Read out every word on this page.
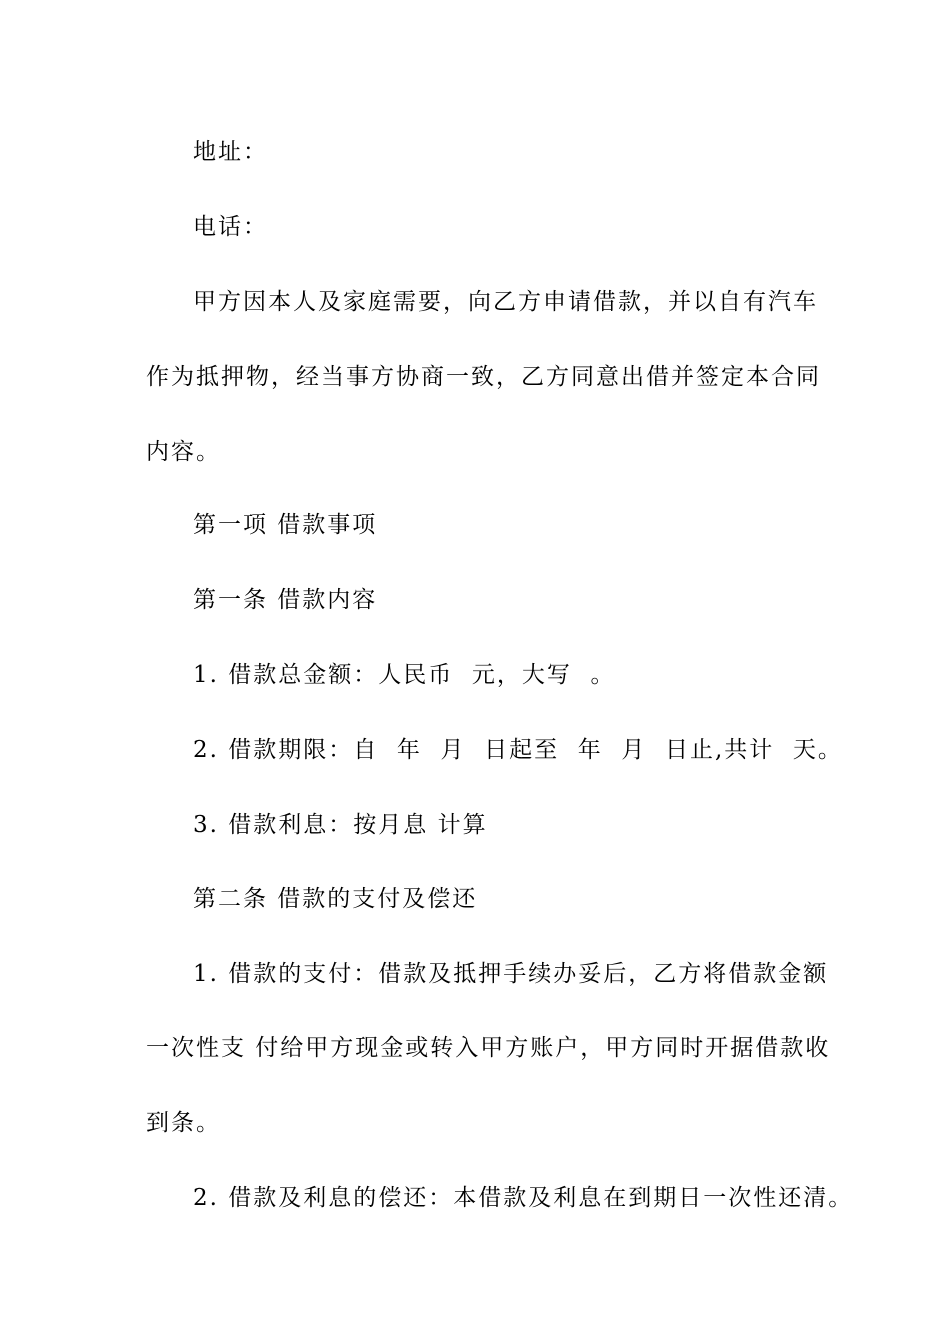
地址：
电话：
甲方因本人及家庭需要，向乙方申请借款，并以自有汽车
作为抵押物，经当事方协商一致，乙方同意出借并签定本合同
内容。
第一项 借款事项
第一条 借款内容
1. 借款总金额：人民币  元，大写  。
2. 借款期限：自  年  月  日起至  年  月  日止,共计  天。
3. 借款利息：按月息 计算
第二条 借款的支付及偿还
1. 借款的支付：借款及抵押手续办妥后，乙方将借款金额
一次性支 付给甲方现金或转入甲方账户，甲方同时开据借款收
到条。
2. 借款及利息的偿还：本借款及利息在到期日一次性还清。
